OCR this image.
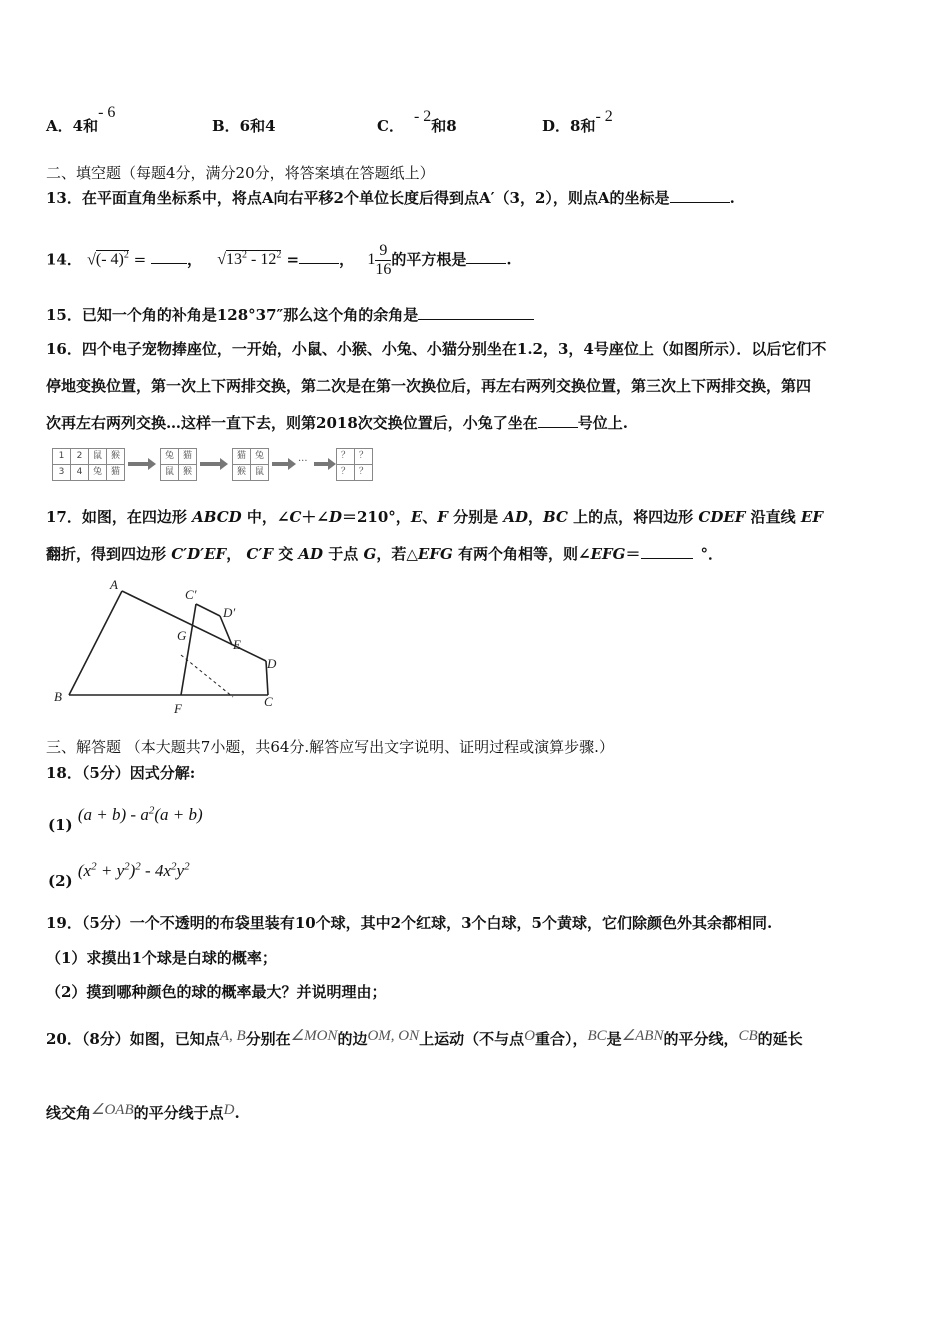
A．4和- 6
B．6和4	C．- 2和8	D．8和- 2
二、填空题（每题4分，满分20分，将答案填在答题纸上）
13．在平面直角坐标系中，将点A向右平移2个单位长度后得到点A′（3，2），则点A的坐标是	.
14． √(- 4)$^2$ = ， $√13^2 - 12^2$ =	， $1 \frac{9}{16}$ 的平方根是	.
15．已知一个角的补角是128°37″那么这个角的余角是
16．四个电子宠物捧座位，一开始，小鼠、小猴、小兔、小猫分别坐在1.2，3，4号座位上（如图所示）．以后它们不
停地变换位置，第一次上下两排交换，第二次是在第一次换位后，再左右两列交换位置，第三次上下两排交换，第四
次再左右两列交换…这样一直下去，则第2018次交换位置后，小兔了坐在	号位上.
1	2
3	4
鼠 猴
兔 猫
兔 猫
鼠 猴
猫 兔
猴 鼠
···	？ ？
？ ？
17．如图，在四边形 ABCD 中，∠C＋∠D＝210°，E、F 分别是 AD，BC 上的点，将四边形 CDEF 沿直线 EF
翻折，得到四边形 C′D′EF， C′F 交 AD 于点 G，若△EFG 有两个角相等，则∠EFG＝	°．
A
B	C
D
E
F
G
C′
D′
三、解答题 （本大题共7小题，共64分.解答应写出文字说明、证明过程或演算步骤.）
18．（5分）因式分解:
(1) $(a + b) - a^2(a + b)$
(2) $(x^2 + y^2)^2 - 4x^2y^2$
19．（5分）一个不透明的布袋里装有10个球，其中2个红球，3个白球，5个黄球，它们除颜色外其余都相同.
（1）求摸出1个球是白球的概率；
（2）摸到哪种颜色的球的概率最大？并说明理由；
20．（8分）如图，已知点A, B分别在∠MON的边OM, ON上运动（不与点O重合），BC是∠ABN的平分线，CB的延长
线交角∠OAB的平分线于点D.
